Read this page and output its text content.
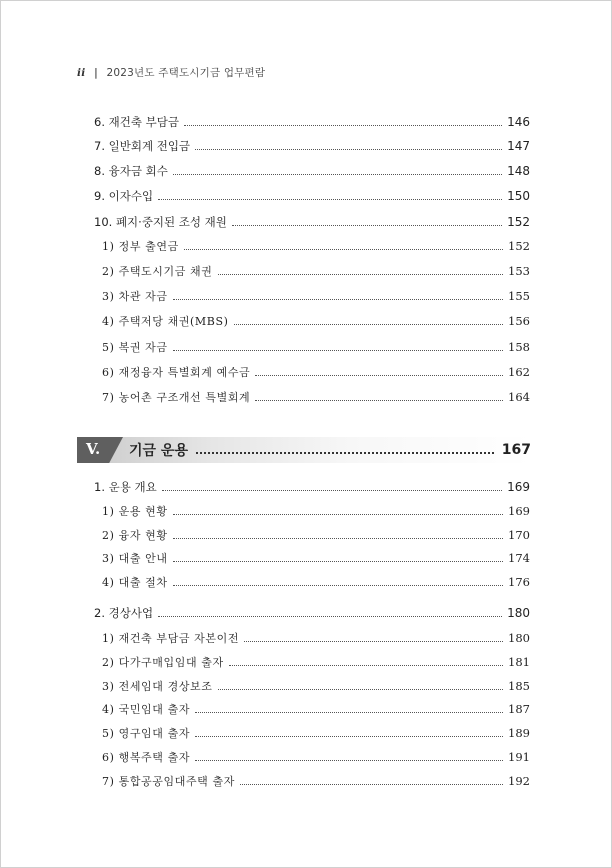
ii | 2023년도 주택도시기금 업무편람
6. 재건축 부담금	146
7. 일반회계 전입금	147
8. 융자금 회수	148
9. 이자수입	150
10. 폐지·중지된 조성 재원	152
1) 정부 출연금	152
2) 주택도시기금 채권	153
3) 차관 자금	155
4) 주택저당 채권(MBS)	156
5) 복권 자금	158
6) 재정융자 특별회계 예수금	162
7) 농어촌 구조개선 특별회계	164
V. 기금 운용	167
1. 운용 개요	169
1) 운용 현황	169
2) 융자 현황	170
3) 대출 안내	174
4) 대출 절차	176
2. 경상사업	180
1) 재건축 부담금 자본이전	180
2) 다가구매입임대 출자	181
3) 전세임대 경상보조	185
4) 국민임대 출자	187
5) 영구임대 출자	189
6) 행복주택 출자	191
7) 통합공공임대주택 출자	192
